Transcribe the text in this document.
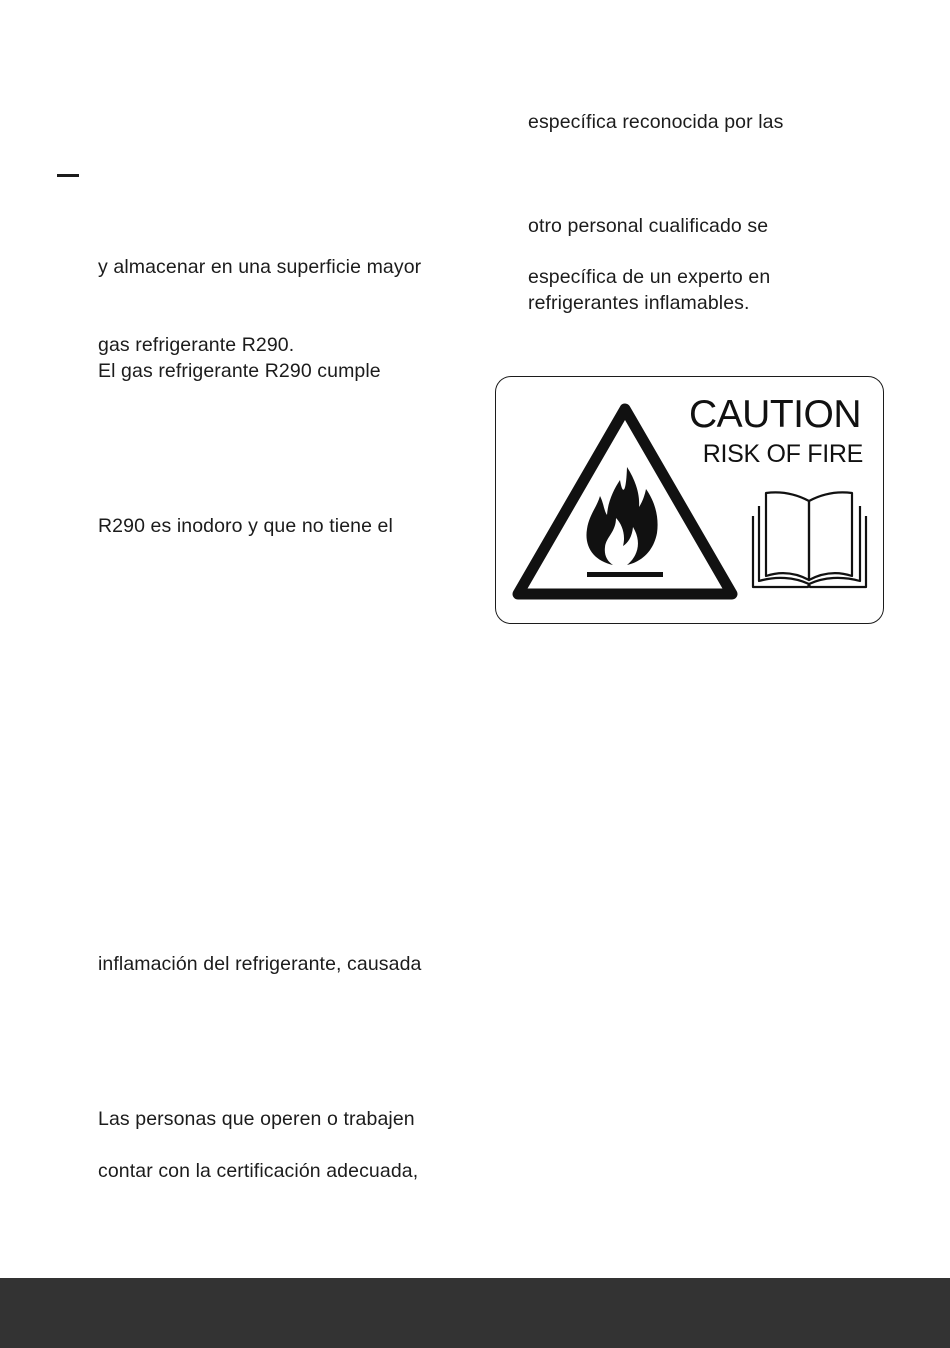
y almacenar en una superficie mayor
gas refrigerante R290.
El gas refrigerante R290 cumple
R290 es inodoro y que no tiene el
inflamación del refrigerante, causada
Las personas que operen o trabajen
contar con la certificación adecuada,
específica reconocida por las
otro personal cualificado se
específica de un experto en
refrigerantes inflamables.
CAUTION
RISK OF FIRE
